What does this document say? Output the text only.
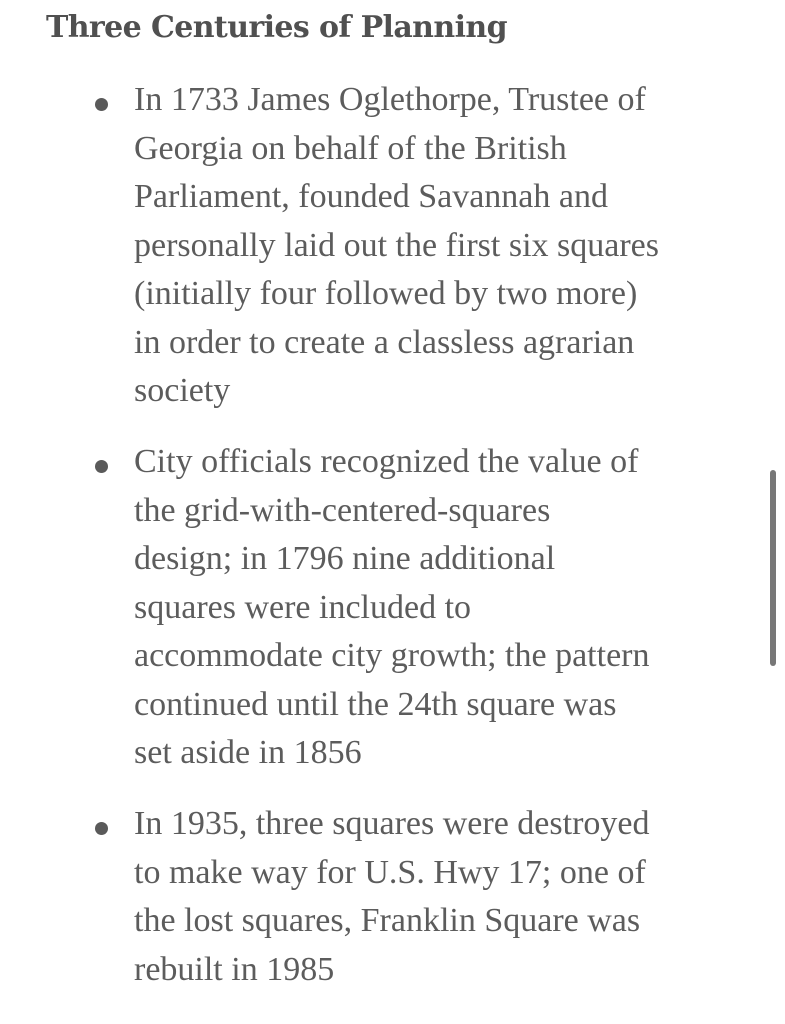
Three Centuries of Planning
In 1733 James Oglethorpe, Trustee of
Georgia on behalf of the British
Parliament, founded Savannah and
personally laid out the first six squares
(initially four followed by two more)
in order to create a classless agrarian
society
City officials recognized the value of
the grid-with-centered-squares
design; in 1796 nine additional
squares were included to
accommodate city growth; the pattern
continued until the 24th square was
set aside in 1856
In 1935, three squares were destroyed
to make way for U.S. Hwy 17; one of
the lost squares, Franklin Square was
rebuilt in 1985
